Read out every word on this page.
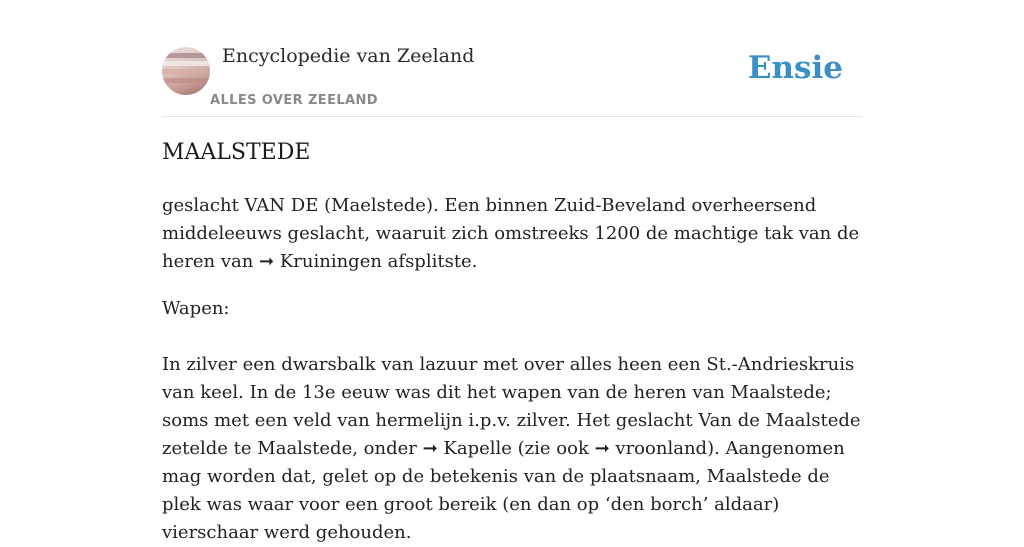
Encyclopedie van Zeeland
ALLES OVER ZEELAND
Ensie
MAALSTEDE

geslacht VAN DE (Maelstede). Een binnen Zuid-Beveland overheersend middeleeuws geslacht, waaruit zich omstreeks 1200 de machtige tak van de heren van ➞ Kruiningen afsplitste.

Wapen:

In zilver een dwarsbalk van lazuur met over alles heen een St.-Andrieskruis van keel. In de 13e eeuw was dit het wapen van de heren van Maalstede; soms met een veld van hermelijn i.p.v. zilver. Het geslacht Van de Maalstede zetelde te Maalstede, onder ➞ Kapelle (zie ook ➞ vroonland). Aangenomen mag worden dat, gelet op de betekenis van de plaatsnaam, Maalstede de plek was waar voor een groot bereik (en dan op ‘den borch’ aldaar) vierschaar werd gehouden.
